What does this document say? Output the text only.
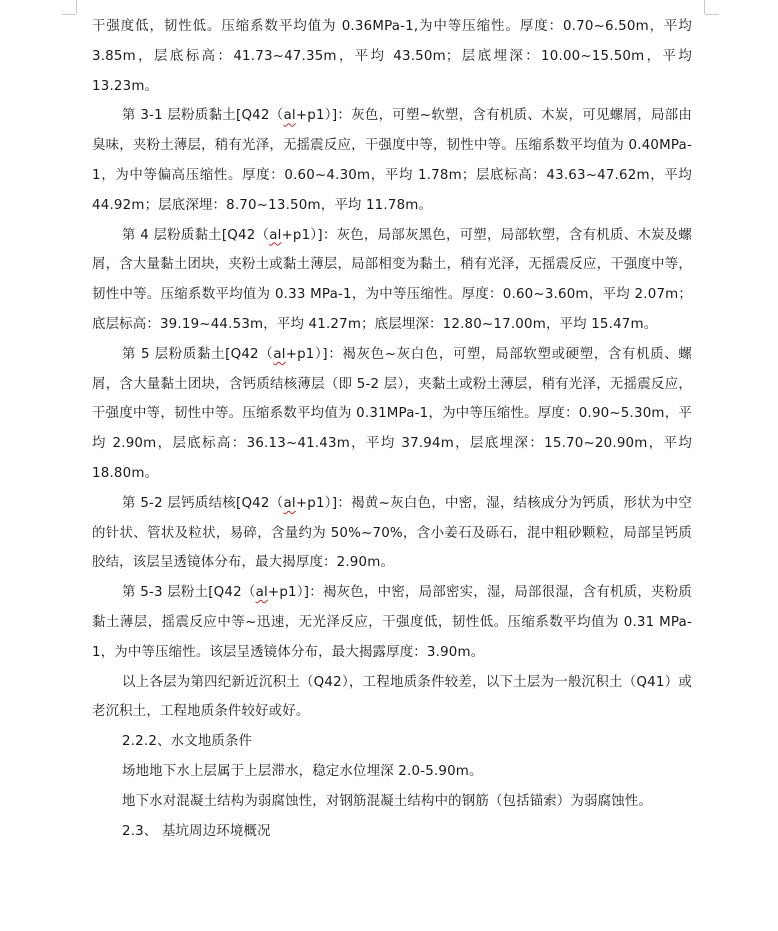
干强度低，韧性低。压缩系数平均值为 0.36MPa-1,为中等压缩性。厚度：0.70~6.50m，平均 3.85m，层底标高：41.73~47.35m，平均 43.50m；层底埋深：10.00~15.50m，平均 13.23m。

第 3-1 层粉质黏土[Q42（al+p1）]：灰色，可塑~软塑，含有机质、木炭，可见螺屑，局部由臭味，夹粉土薄层，稍有光泽，无摇震反应，干强度中等，韧性中等。压缩系数平均值为 0.40MPa-1，为中等偏高压缩性。厚度：0.60~4.30m，平均 1.78m；层底标高：43.63~47.62m，平均 44.92m；层底深埋：8.70~13.50m，平均 11.78m。

第 4 层粉质黏土[Q42（al+p1）]：灰色，局部灰黑色，可塑，局部软塑，含有机质、木炭及螺屑，含大量黏土团块，夹粉土或黏土薄层，局部相变为黏土，稍有光泽，无摇震反应，干强度中等，韧性中等。压缩系数平均值为 0.33 MPa-1，为中等压缩性。厚度：0.60~3.60m，平均 2.07m；底层标高：39.19~44.53m，平均 41.27m；底层埋深：12.80~17.00m，平均 15.47m。

第 5 层粉质黏土[Q42（al+p1）]：褐灰色~灰白色，可塑，局部软塑或硬塑，含有机质、螺屑，含大量黏土团块，含钙质结核薄层（即 5-2 层），夹黏土或粉土薄层，稍有光泽，无摇震反应，干强度中等，韧性中等。压缩系数平均值为 0.31MPa-1，为中等压缩性。厚度：0.90~5.30m，平均 2.90m，层底标高：36.13~41.43m，平均 37.94m，层底埋深：15.70~20.90m，平均 18.80m。

第 5-2 层钙质结核[Q42（al+p1）]：褐黄~灰白色，中密，湿，结核成分为钙质，形状为中空的针状、管状及粒状，易碎，含量约为 50%~70%，含小姜石及砾石，混中粗砂颗粒，局部呈钙质胶结，该层呈透镜体分布，最大揭厚度：2.90m。

第 5-3 层粉土[Q42（al+p1）]：褐灰色，中密，局部密实，湿，局部很湿，含有机质，夹粉质黏土薄层，摇震反应中等~迅速，无光泽反应，干强度低，韧性低。压缩系数平均值为 0.31 MPa-1，为中等压缩性。该层呈透镜体分布，最大揭露厚度：3.90m。

以上各层为第四纪新近沉积土（Q42），工程地质条件较差，以下土层为一般沉积土（Q41）或老沉积土，工程地质条件较好或好。

2.2.2、水文地质条件

场地地下水上层属于上层滞水，稳定水位埋深 2.0-5.90m。

地下水对混凝土结构为弱腐蚀性，对钢筋混凝土结构中的钢筋（包括锚索）为弱腐蚀性。

2.3、 基坑周边环境概况
